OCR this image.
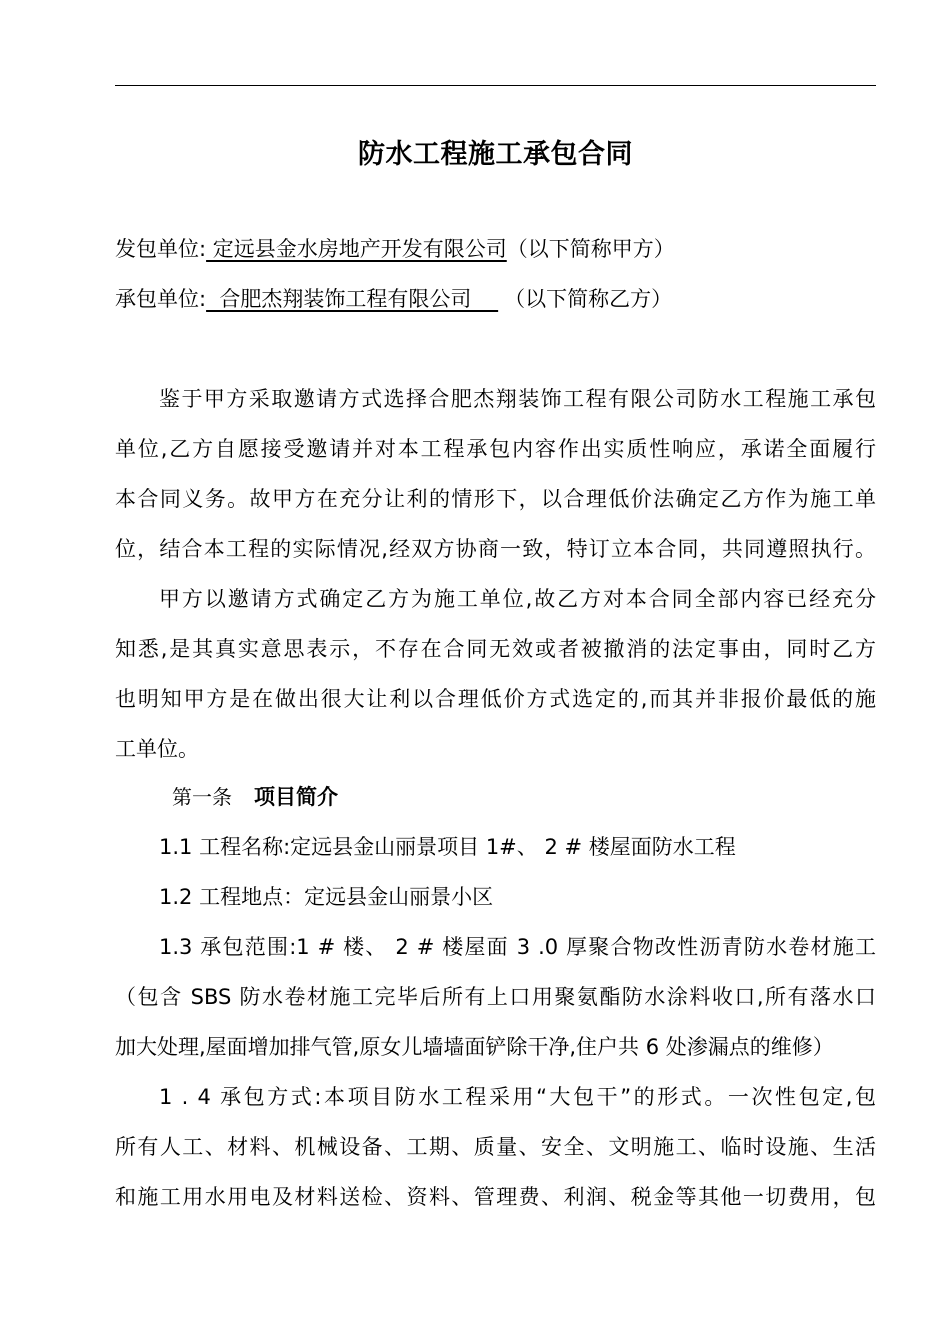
防水工程施工承包合同
发包单位: 定远县金水房地产开发有限公司（以下简称甲方）
承包单位:  合肥杰翔装饰工程有限公司    （以下简称乙方）
鉴于甲方采取邀请方式选择合肥杰翔装饰工程有限公司防水工程施工承包
单位,乙方自愿接受邀请并对本工程承包内容作出实质性响应，承诺全面履行
本合同义务。故甲方在充分让利的情形下，以合理低价法确定乙方作为施工单
位，结合本工程的实际情况,经双方协商一致，特订立本合同，共同遵照执行。
甲方以邀请方式确定乙方为施工单位,故乙方对本合同全部内容已经充分
知悉,是其真实意思表示，不存在合同无效或者被撤消的法定事由，同时乙方
也明知甲方是在做出很大让利以合理低价方式选定的,而其并非报价最低的施
工单位。
第一条 项目简介
1.1 工程名称:定远县金山丽景项目 1#、 2 # 楼屋面防水工程
1.2 工程地点：定远县金山丽景小区
1.3 承包范围:1 # 楼、 2 # 楼屋面 3 .0 厚聚合物改性沥青防水卷材施工
（包含 SBS 防水卷材施工完毕后所有上口用聚氨酯防水涂料收口,所有落水口
加大处理,屋面增加排气管,原女儿墙墙面铲除干净,住户共 6 处渗漏点的维修）
1 . 4 承包方式:本项目防水工程采用“大包干”的形式。一次性包定,包
所有人工、材料、机械设备、工期、质量、安全、文明施工、临时设施、生活
和施工用水用电及材料送检、资料、管理费、利润、税金等其他一切费用，包
